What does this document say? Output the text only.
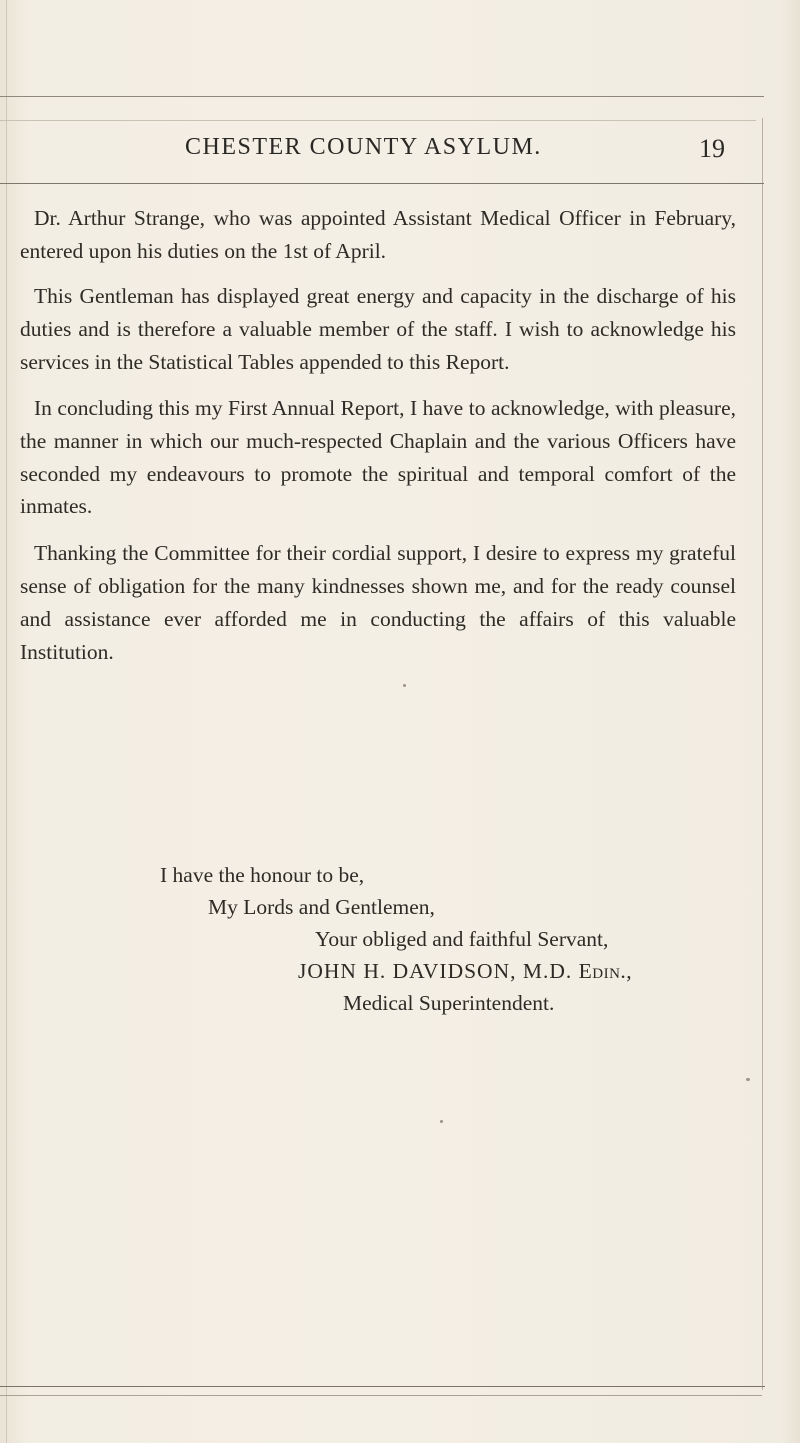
CHESTER COUNTY ASYLUM.	19

Dr. Arthur Strange, who was appointed Assistant Medical Officer in February, entered upon his duties on the 1st of April.

This Gentleman has displayed great energy and capacity in the discharge of his duties and is therefore a valuable member of the staff. I wish to acknowledge his services in the Statistical Tables appended to this Report.

In concluding this my First Annual Report, I have to acknowledge, with pleasure, the manner in which our much-respected Chaplain and the various Officers have seconded my endeavours to promote the spiritual and temporal comfort of the inmates.

Thanking the Committee for their cordial support, I desire to express my grateful sense of obligation for the many kindnesses shown me, and for the ready counsel and assistance ever afforded me in conducting the affairs of this valuable Institution.

I have the honour to be,
My Lords and Gentlemen,
Your obliged and faithful Servant,
JOHN H. DAVIDSON, M.D. Edin.,
Medical Superintendent.
